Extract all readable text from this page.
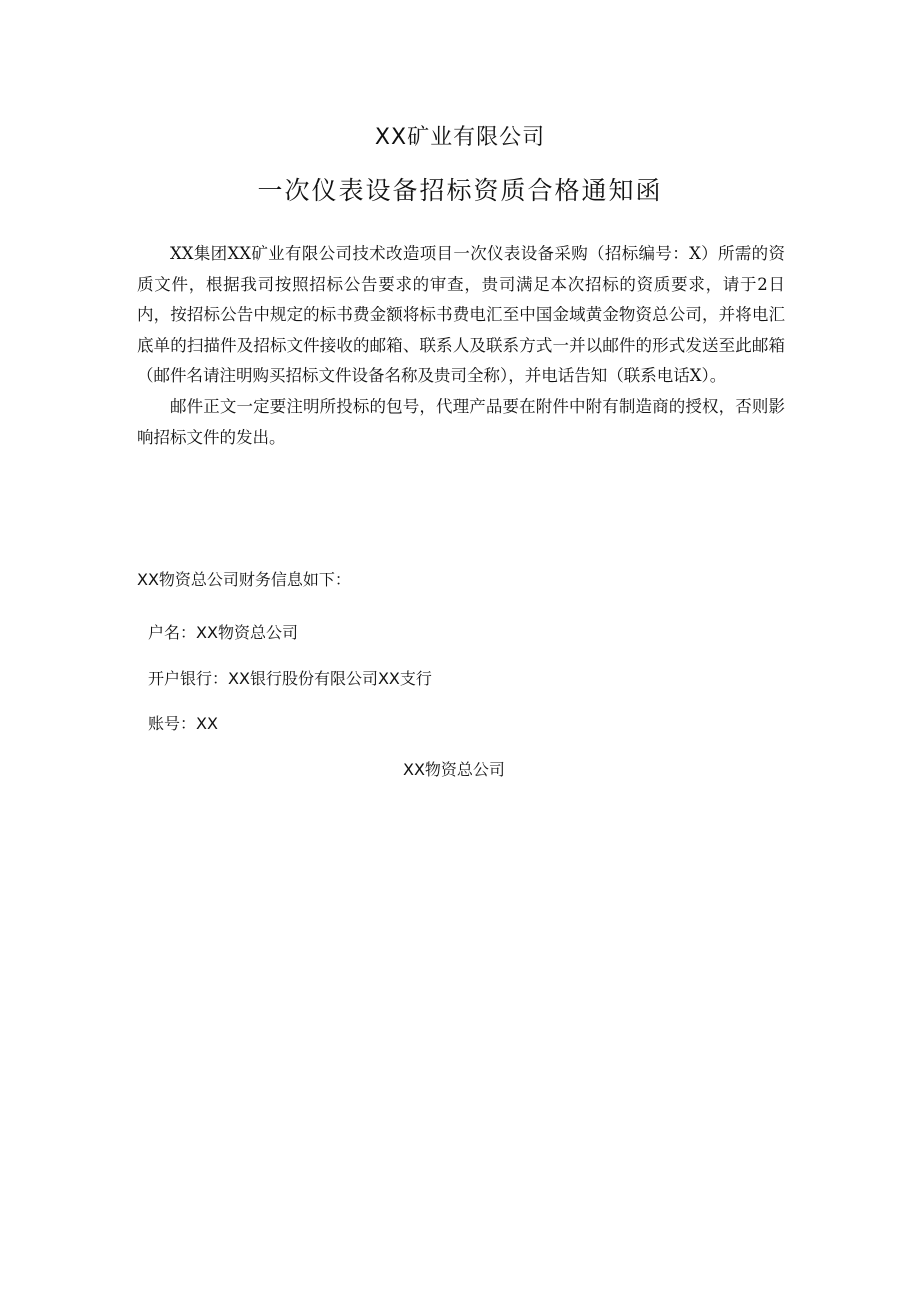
XX矿业有限公司
一次仪表设备招标资质合格通知函

XX集团XX矿业有限公司技术改造项目一次仪表设备采购（招标编号：X）所需的资质文件，根据我司按照招标公告要求的审查，贵司满足本次招标的资质要求，请于2日内，按招标公告中规定的标书费金额将标书费电汇至中国金域黄金物资总公司，并将电汇底单的扫描件及招标文件接收的邮箱、联系人及联系方式一并以邮件的形式发送至此邮箱（邮件名请注明购买招标文件设备名称及贵司全称），并电话告知（联系电话X）。

邮件正文一定要注明所投标的包号，代理产品要在附件中附有制造商的授权，否则影响招标文件的发出。

XX物资总公司财务信息如下：
户名：XX物资总公司
开户银行：XX银行股份有限公司XX支行
账号：XX
XX物资总公司
